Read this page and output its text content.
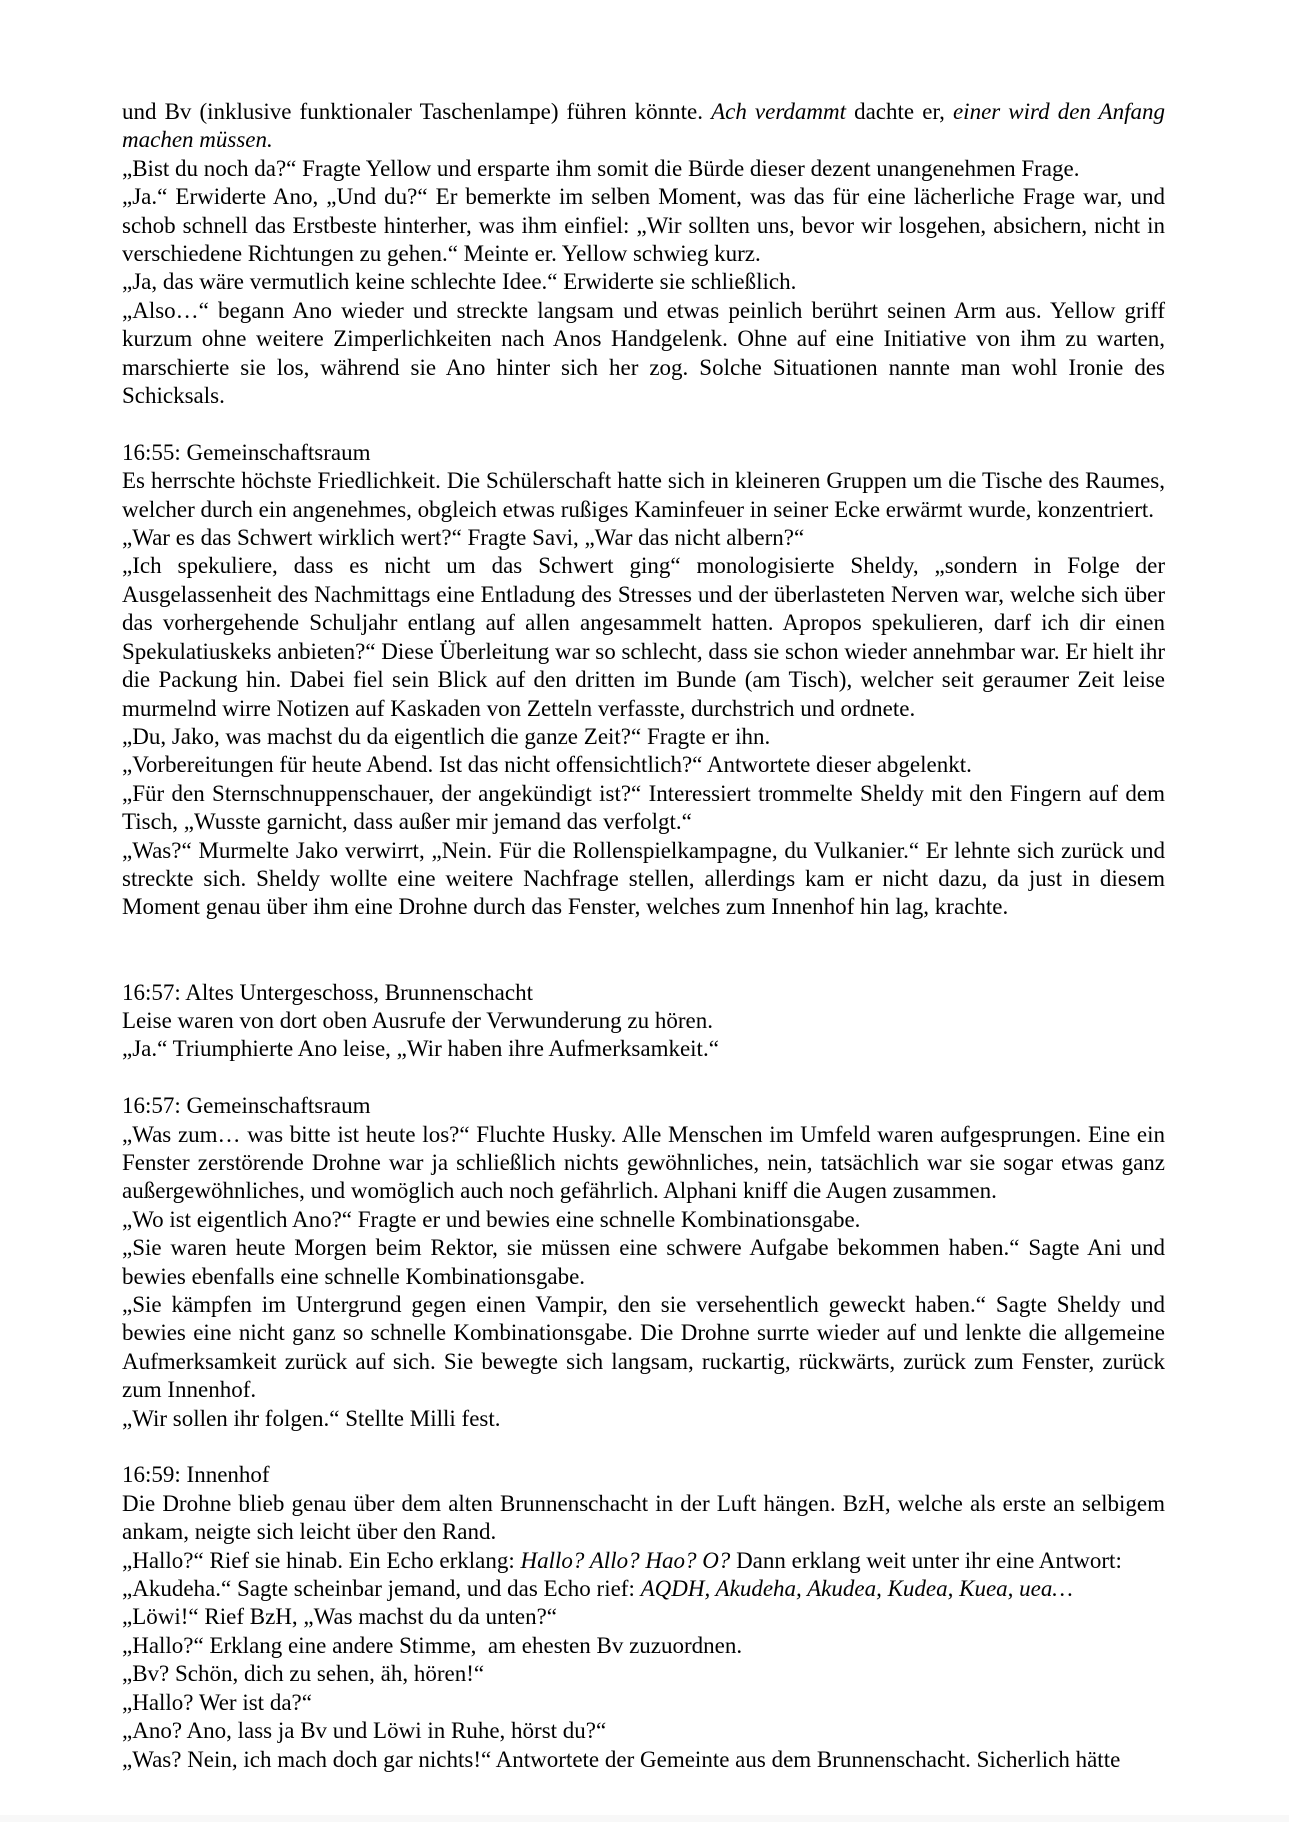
und Bv (inklusive funktionaler Taschenlampe) führen könnte. Ach verdammt dachte er, einer wird den Anfang machen müssen.

„Bist du noch da?“ Fragte Yellow und ersparte ihm somit die Bürde dieser dezent unangenehmen Frage.

„Ja.“ Erwiderte Ano, „Und du?“ Er bemerkte im selben Moment, was das für eine lächerliche Frage war, und schob schnell das Erstbeste hinterher, was ihm einfiel: „Wir sollten uns, bevor wir losgehen, absichern, nicht in verschiedene Richtungen zu gehen.“ Meinte er. Yellow schwieg kurz.

„Ja, das wäre vermutlich keine schlechte Idee.“ Erwiderte sie schließlich.

„Also…“ begann Ano wieder und streckte langsam und etwas peinlich berührt seinen Arm aus. Yellow griff kurzum ohne weitere Zimperlichkeiten nach Anos Handgelenk. Ohne auf eine Initiative von ihm zu warten, marschierte sie los, während sie Ano hinter sich her zog. Solche Situationen nannte man wohl Ironie des Schicksals.

16:55: Gemeinschaftsraum

Es herrschte höchste Friedlichkeit. Die Schülerschaft hatte sich in kleineren Gruppen um die Tische des Raumes, welcher durch ein angenehmes, obgleich etwas rußiges Kaminfeuer in seiner Ecke erwärmt wurde, konzentriert.

„War es das Schwert wirklich wert?“ Fragte Savi, „War das nicht albern?“

„Ich spekuliere, dass es nicht um das Schwert ging“ monologisierte Sheldy, „sondern in Folge der Ausgelassenheit des Nachmittags eine Entladung des Stresses und der überlasteten Nerven war, welche sich über das vorhergehende Schuljahr entlang auf allen angesammelt hatten. Apropos spekulieren, darf ich dir einen Spekulatiuskeks anbieten?“ Diese Überleitung war so schlecht, dass sie schon wieder annehmbar war. Er hielt ihr die Packung hin. Dabei fiel sein Blick auf den dritten im Bunde (am Tisch), welcher seit geraumer Zeit leise murmelnd wirre Notizen auf Kaskaden von Zetteln verfasste, durchstrich und ordnete.

„Du, Jako, was machst du da eigentlich die ganze Zeit?“ Fragte er ihn.

„Vorbereitungen für heute Abend. Ist das nicht offensichtlich?“ Antwortete dieser abgelenkt.

„Für den Sternschnuppenschauer, der angekündigt ist?“ Interessiert trommelte Sheldy mit den Fingern auf dem Tisch, „Wusste garnicht, dass außer mir jemand das verfolgt.“

„Was?“ Murmelte Jako verwirrt, „Nein. Für die Rollenspielkampagne, du Vulkanier.“ Er lehnte sich zurück und streckte sich. Sheldy wollte eine weitere Nachfrage stellen, allerdings kam er nicht dazu, da just in diesem Moment genau über ihm eine Drohne durch das Fenster, welches zum Innenhof hin lag, krachte.

16:57: Altes Untergeschoss, Brunnenschacht

Leise waren von dort oben Ausrufe der Verwunderung zu hören.

„Ja.“ Triumphierte Ano leise, „Wir haben ihre Aufmerksamkeit.“

16:57: Gemeinschaftsraum

„Was zum… was bitte ist heute los?“ Fluchte Husky. Alle Menschen im Umfeld waren aufgesprungen. Eine ein Fenster zerstörende Drohne war ja schließlich nichts gewöhnliches, nein, tatsächlich war sie sogar etwas ganz außergewöhnliches, und womöglich auch noch gefährlich. Alphani kniff die Augen zusammen.

„Wo ist eigentlich Ano?“ Fragte er und bewies eine schnelle Kombinationsgabe.

„Sie waren heute Morgen beim Rektor, sie müssen eine schwere Aufgabe bekommen haben.“ Sagte Ani und bewies ebenfalls eine schnelle Kombinationsgabe.

„Sie kämpfen im Untergrund gegen einen Vampir, den sie versehentlich geweckt haben.“ Sagte Sheldy und bewies eine nicht ganz so schnelle Kombinationsgabe. Die Drohne surrte wieder auf und lenkte die allgemeine Aufmerksamkeit zurück auf sich. Sie bewegte sich langsam, ruckartig, rückwärts, zurück zum Fenster, zurück zum Innenhof.

„Wir sollen ihr folgen.“ Stellte Milli fest.

16:59: Innenhof

Die Drohne blieb genau über dem alten Brunnenschacht in der Luft hängen. BzH, welche als erste an selbigem ankam, neigte sich leicht über den Rand.

„Hallo?“ Rief sie hinab. Ein Echo erklang: Hallo? Allo? Hao? O? Dann erklang weit unter ihr eine Antwort:

„Akudeha.“ Sagte scheinbar jemand, und das Echo rief: AQDH, Akudeha, Akudea, Kudea, Kuea, uea…

„Löwi!“ Rief BzH, „Was machst du da unten?“

„Hallo?“ Erklang eine andere Stimme,  am ehesten Bv zuzuordnen.

„Bv? Schön, dich zu sehen, äh, hören!“

„Hallo? Wer ist da?“

„Ano? Ano, lass ja Bv und Löwi in Ruhe, hörst du?“

„Was? Nein, ich mach doch gar nichts!“ Antwortete der Gemeinte aus dem Brunnenschacht. Sicherlich hätte
